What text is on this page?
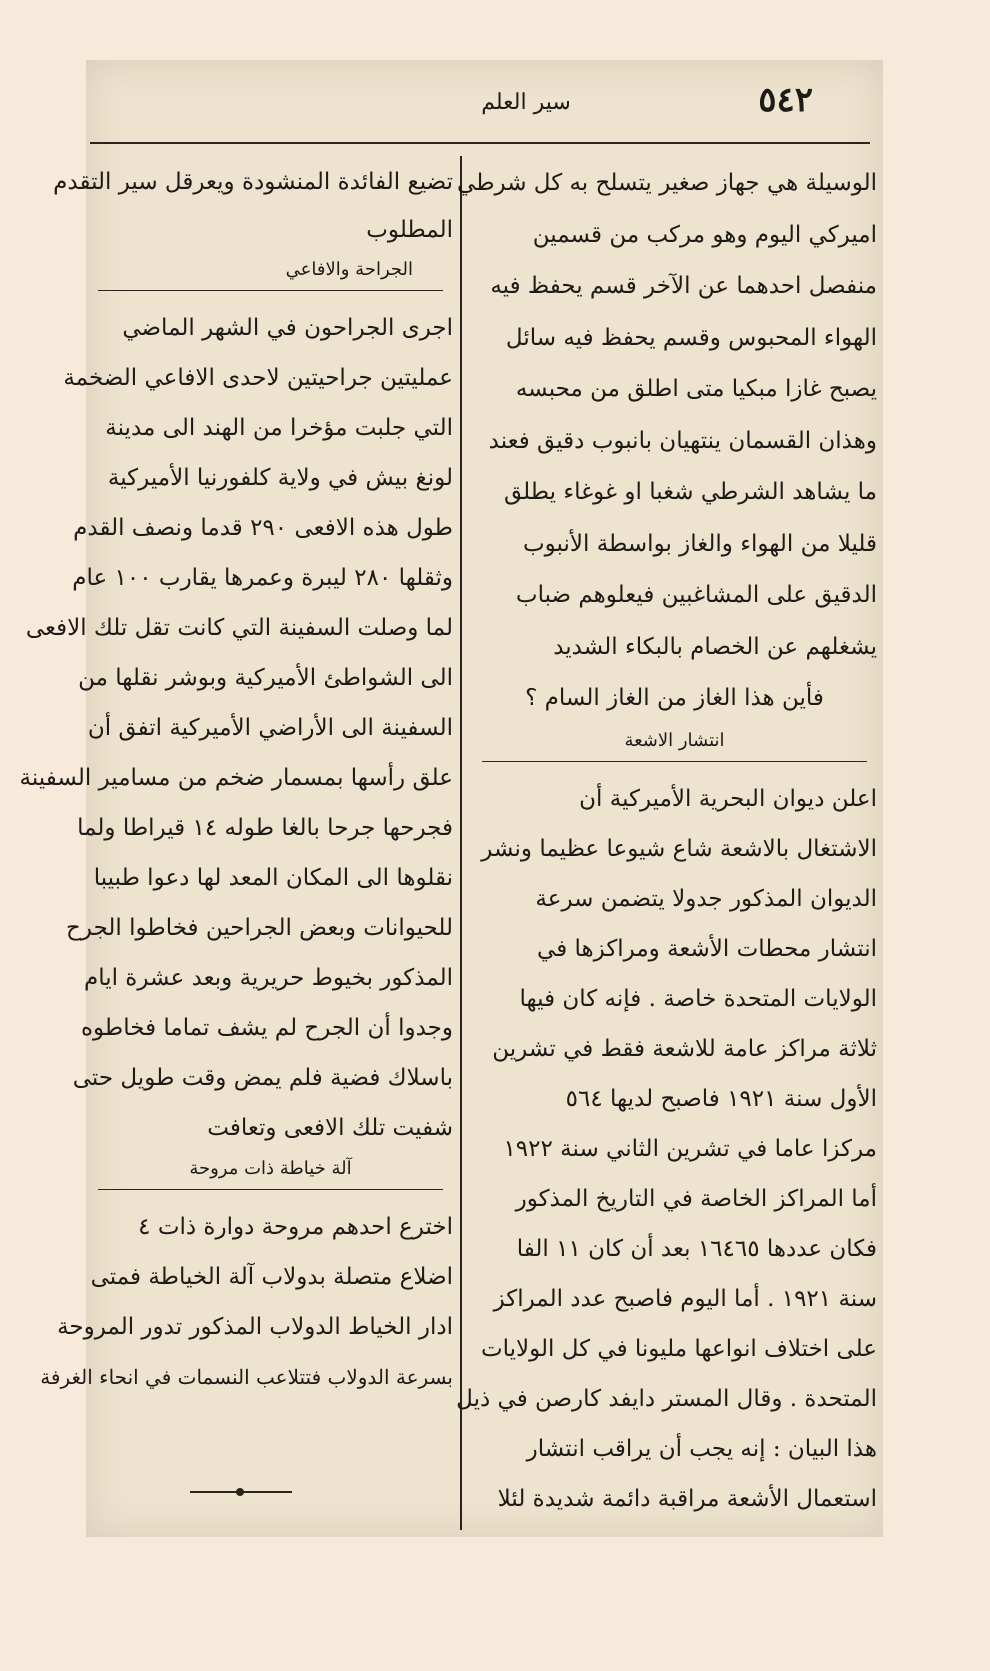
٥٤٢
سير العلم

الوسيلة هي جهاز صغير يتسلح به كل شرطي
اميركي اليوم وهو مركب من قسمين
منفصل احدهما عن الآخر قسم يحفظ فيه
الهواء المحبوس وقسم يحفظ فيه سائل
يصبح غازا مبكيا متى اطلق من محبسه
وهذان القسمان ينتهيان بانبوب دقيق فعند
ما يشاهد الشرطي شغبا او غوغاء يطلق
قليلا من الهواء والغاز بواسطة الأنبوب
الدقيق على المشاغبين فيعلوهم ضباب
يشغلهم عن الخصام بالبكاء الشديد
فأين هذا الغاز من الغاز السام ؟

انتشار الاشعة

اعلن ديوان البحرية الأميركية أن
الاشتغال بالاشعة شاع شيوعا عظيما ونشر
الديوان المذكور جدولا يتضمن سرعة
انتشار محطات الأشعة ومراكزها في
الولايات المتحدة خاصة . فإنه كان فيها
ثلاثة مراكز عامة للاشعة فقط في تشرين
الأول سنة ١٩٢١ فاصبح لديها ٥٦٤
مركزا عاما في تشرين الثاني سنة ١٩٢٢
أما المراكز الخاصة في التاريخ المذكور
فكان عددها ١٦٤٦٥ بعد أن كان ١١ الفا
سنة ١٩٢١ . أما اليوم فاصبح عدد المراكز
على اختلاف انواعها مليونا في كل الولايات
المتحدة . وقال المستر دايفد كارصن في ذيل
هذا البيان : إنه يجب أن يراقب انتشار
استعمال الأشعة مراقبة دائمة شديدة لئلا

تضيع الفائدة المنشودة ويعرقل سير التقدم
المطلوب

الجراحة والافاعي

اجرى الجراحون في الشهر الماضي
عمليتين جراحيتين لاحدى الافاعي الضخمة
التي جلبت مؤخرا من الهند الى مدينة
لونغ بيش في ولاية كلفورنيا الأميركية
طول هذه الافعى ٢٩٠ قدما ونصف القدم
وثقلها ٢٨٠ ليبرة وعمرها يقارب ١٠٠ عام
لما وصلت السفينة التي كانت تقل تلك الافعى
الى الشواطئ الأميركية وبوشر نقلها من
السفينة الى الأراضي الأميركية اتفق أن
علق رأسها بمسمار ضخم من مسامير السفينة
فجرحها جرحا بالغا طوله ١٤ قيراطا ولما
نقلوها الى المكان المعد لها دعوا طبيبا
للحيوانات وبعض الجراحين فخاطوا الجرح
المذكور بخيوط حريرية وبعد عشرة ايام
وجدوا أن الجرح لم يشف تماما فخاطوه
باسلاك فضية فلم يمض وقت طويل حتى
شفيت تلك الافعى وتعافت

آلة خياطة ذات مروحة

اخترع احدهم مروحة دوارة ذات ٤
اضلاع متصلة بدولاب آلة الخياطة فمتى
ادار الخياط الدولاب المذكور تدور المروحة
بسرعة الدولاب فتتلاعب النسمات في انحاء الغرفة
